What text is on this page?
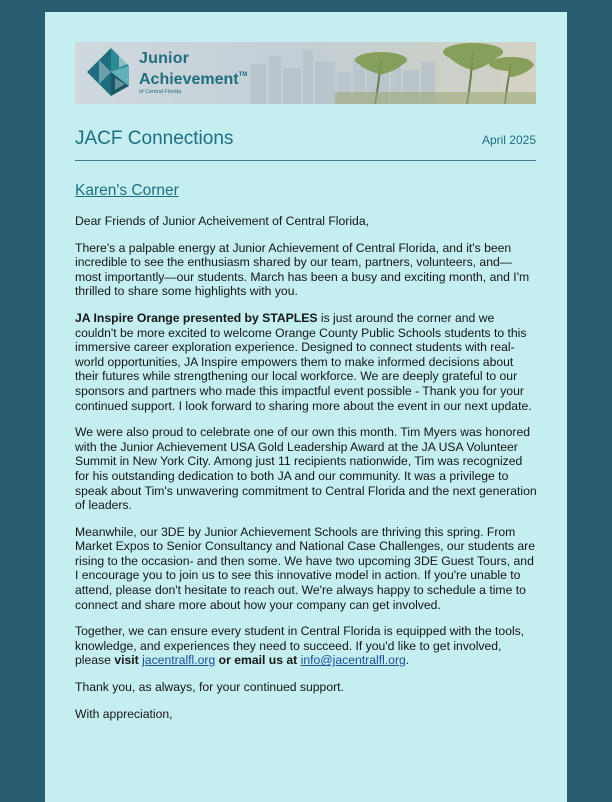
Junior
Achievement™
of Central Florida
JACF Connections	April 2025
Karen's Corner

Dear Friends of Junior Acheivement of Central Florida,

There's a palpable energy at Junior Achievement of Central Florida, and it's been incredible to see the enthusiasm shared by our team, partners, volunteers, and—most importantly—our students. March has been a busy and exciting month, and I'm thrilled to share some highlights with you.

JA Inspire Orange presented by STAPLES is just around the corner and we couldn't be more excited to welcome Orange County Public Schools students to this immersive career exploration experience. Designed to connect students with real-world opportunities, JA Inspire empowers them to make informed decisions about their futures while strengthening our local workforce. We are deeply grateful to our sponsors and partners who made this impactful event possible - Thank you for your continued support. I look forward to sharing more about the event in our next update.

We were also proud to celebrate one of our own this month. Tim Myers was honored with the Junior Achievement USA Gold Leadership Award at the JA USA Volunteer Summit in New York City. Among just 11 recipients nationwide, Tim was recognized for his outstanding dedication to both JA and our community. It was a privilege to speak about Tim's unwavering commitment to Central Florida and the next generation of leaders.

Meanwhile, our 3DE by Junior Achievement Schools are thriving this spring. From Market Expos to Senior Consultancy and National Case Challenges, our students are rising to the occasion- and then some. We have two upcoming 3DE Guest Tours, and I encourage you to join us to see this innovative model in action. If you're unable to attend, please don't hesitate to reach out. We're always happy to schedule a time to connect and share more about how your company can get involved.

Together, we can ensure every student in Central Florida is equipped with the tools, knowledge, and experiences they need to succeed. If you'd like to get involved, please visit jacentralfl.org or email us at info@jacentralfl.org.

Thank you, as always, for your continued support.

With appreciation,
